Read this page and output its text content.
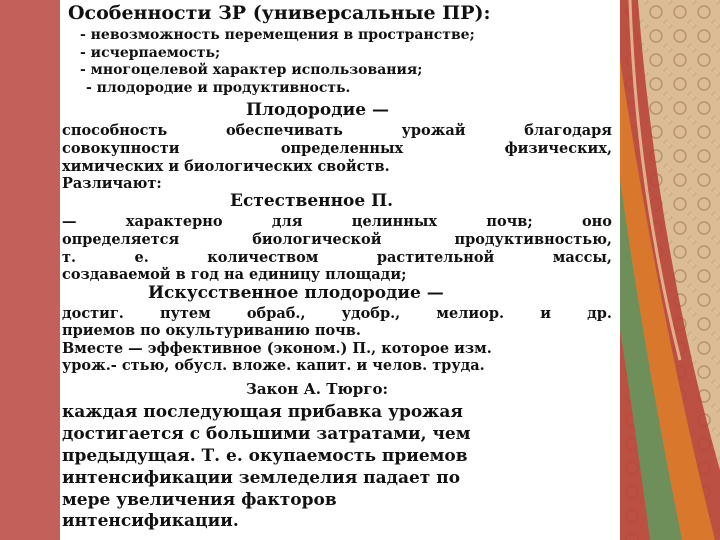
Особенности ЗР (универсальные ПР):
- невозможность перемещения в пространстве;
- исчерпаемость;
- многоцелевой характер использования;
- плодородие и продуктивность.
Плодородие —
способность	обеспечивать	урожай	благодаря
совокупности	определенных	физических,
химических и биологических свойств.
Различают:
Естественное П.
—	характерно	для	целинных	почв;	оно
определяется	биологической	продуктивностью,
т.	е.	количеством	растительной	массы,
создаваемой в год на единицу площади;
Искусственное плодородие —
достиг. путем обраб., удобр., мелиор. и др.
приемов по окультуриванию почв.
Вместе — эффективное (эконом.) П., которое изм.
урож.- стью, обусл. вложе. капит. и челов. труда.
Закон А. Тюрго:
каждая последующая прибавка урожая
достигается с большими затратами, чем
предыдущая. Т. е. окупаемость приемов
интенсификации земледелия падает по
мере увеличения факторов
интенсификации.
